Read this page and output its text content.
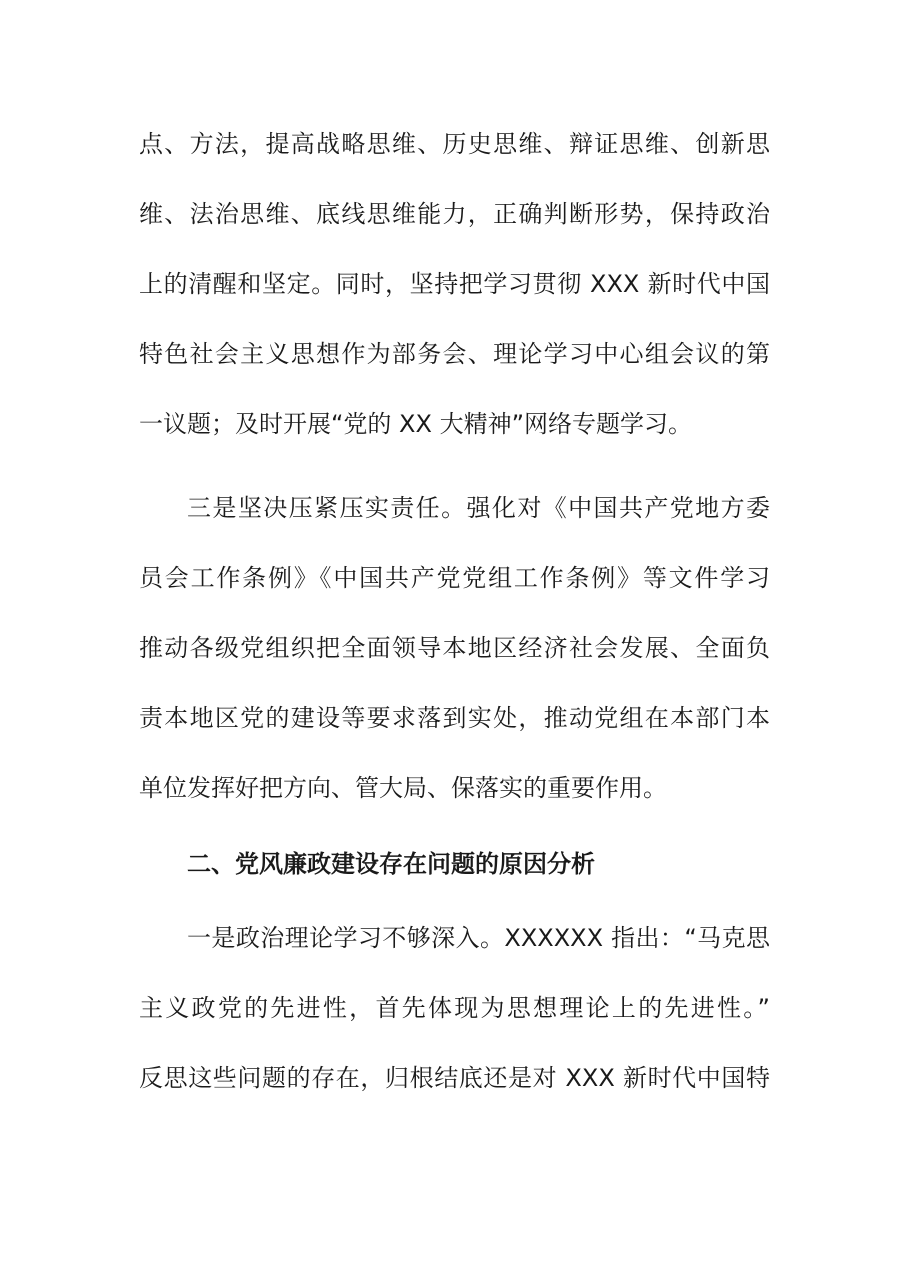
点、方法，提高战略思维、历史思维、辩证思维、创新思
维、法治思维、底线思维能力，正确判断形势，保持政治
上的清醒和坚定。同时，坚持把学习贯彻 XXX 新时代中国
特色社会主义思想作为部务会、理论学习中心组会议的第
一议题；及时开展“党的 XX 大精神”网络专题学习。
三是坚决压紧压实责任。强化对《中国共产党地方委
员会工作条例》《中国共产党党组工作条例》等文件学习
推动各级党组织把全面领导本地区经济社会发展、全面负
责本地区党的建设等要求落到实处，推动党组在本部门本
单位发挥好把方向、管大局、保落实的重要作用。
二、党风廉政建设存在问题的原因分析
一是政治理论学习不够深入。XXXXXX 指出：“马克思
主义政党的先进性，首先体现为思想理论上的先进性。”
反思这些问题的存在，归根结底还是对 XXX 新时代中国特
